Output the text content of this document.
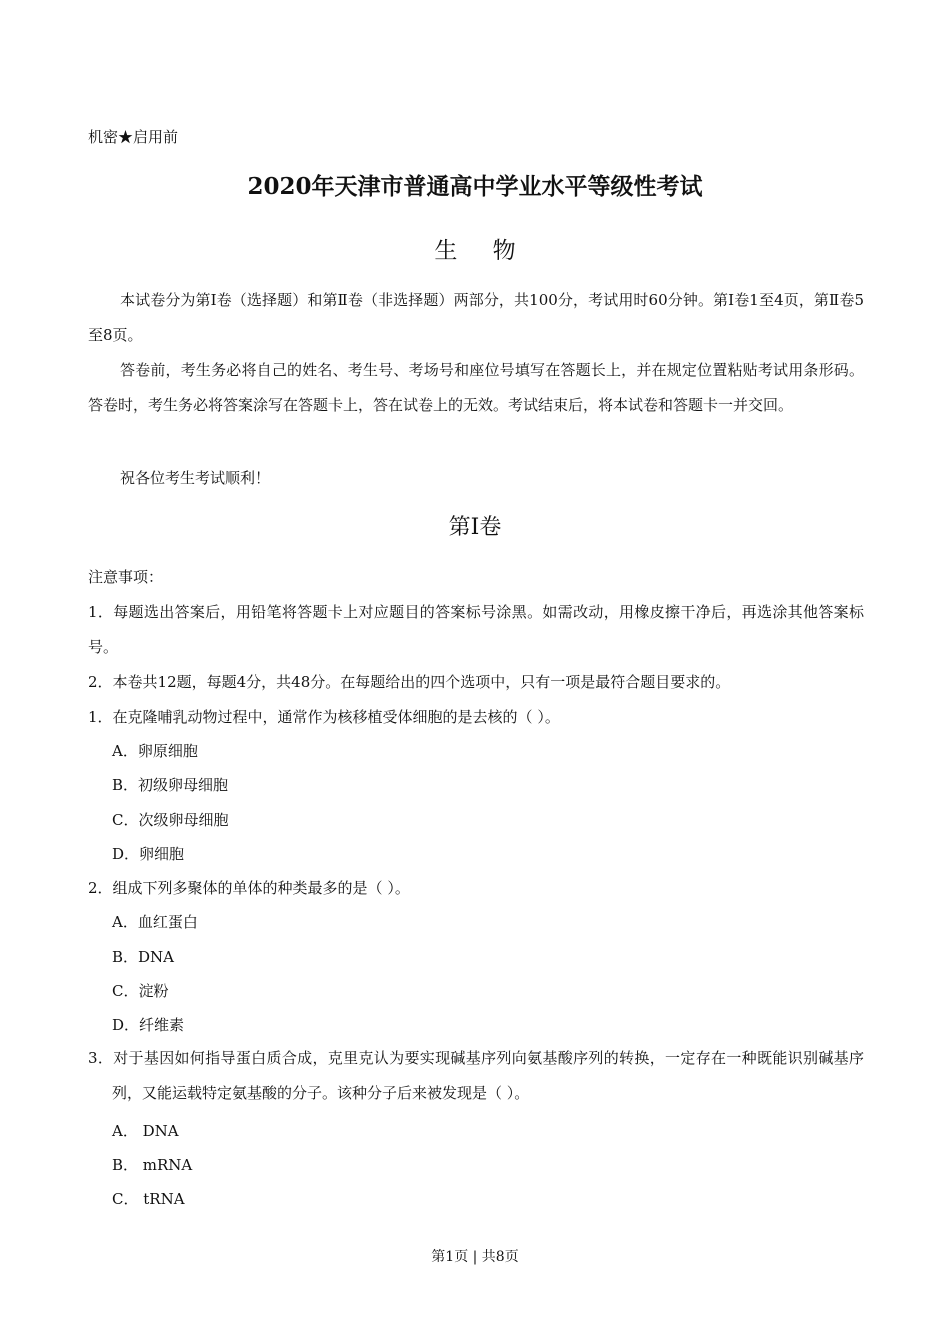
机密★启用前
2020年天津市普通高中学业水平等级性考试
生 物
本试卷分为第Ⅰ卷（选择题）和第Ⅱ卷（非选择题）两部分，共100分，考试用时60分钟。第Ⅰ卷1至4页，第Ⅱ卷5至8页。
答卷前，考生务必将自己的姓名、考生号、考场号和座位号填写在答题长上，并在规定位置粘贴考试用条形码。答卷时，考生务必将答案涂写在答题卡上，答在试卷上的无效。考试结束后，将本试卷和答题卡一并交回。
祝各位考生考试顺利！
第Ⅰ卷
注意事项：
1．每题选出答案后，用铅笔将答题卡上对应题目的答案标号涂黑。如需改动，用橡皮擦干净后，再选涂其他答案标号。
2．本卷共12题，每题4分，共48分。在每题给出的四个选项中，只有一项是最符合题目要求的。
1．在克隆哺乳动物过程中，通常作为核移植受体细胞的是去核的（ ）。
A．卵原细胞
B．初级卵母细胞
C．次级卵母细胞
D．卵细胞
2．组成下列多聚体的单体的种类最多的是（ ）。
A．血红蛋白
B．DNA
C．淀粉
D．纤维素
3．对于基因如何指导蛋白质合成，克里克认为要实现碱基序列向氨基酸序列的转换，一定存在一种既能识别碱基序列，又能运载特定氨基酸的分子。该种分子后来被发现是（ ）。
A． DNA
B． mRNA
C． tRNA
第1页 | 共8页
